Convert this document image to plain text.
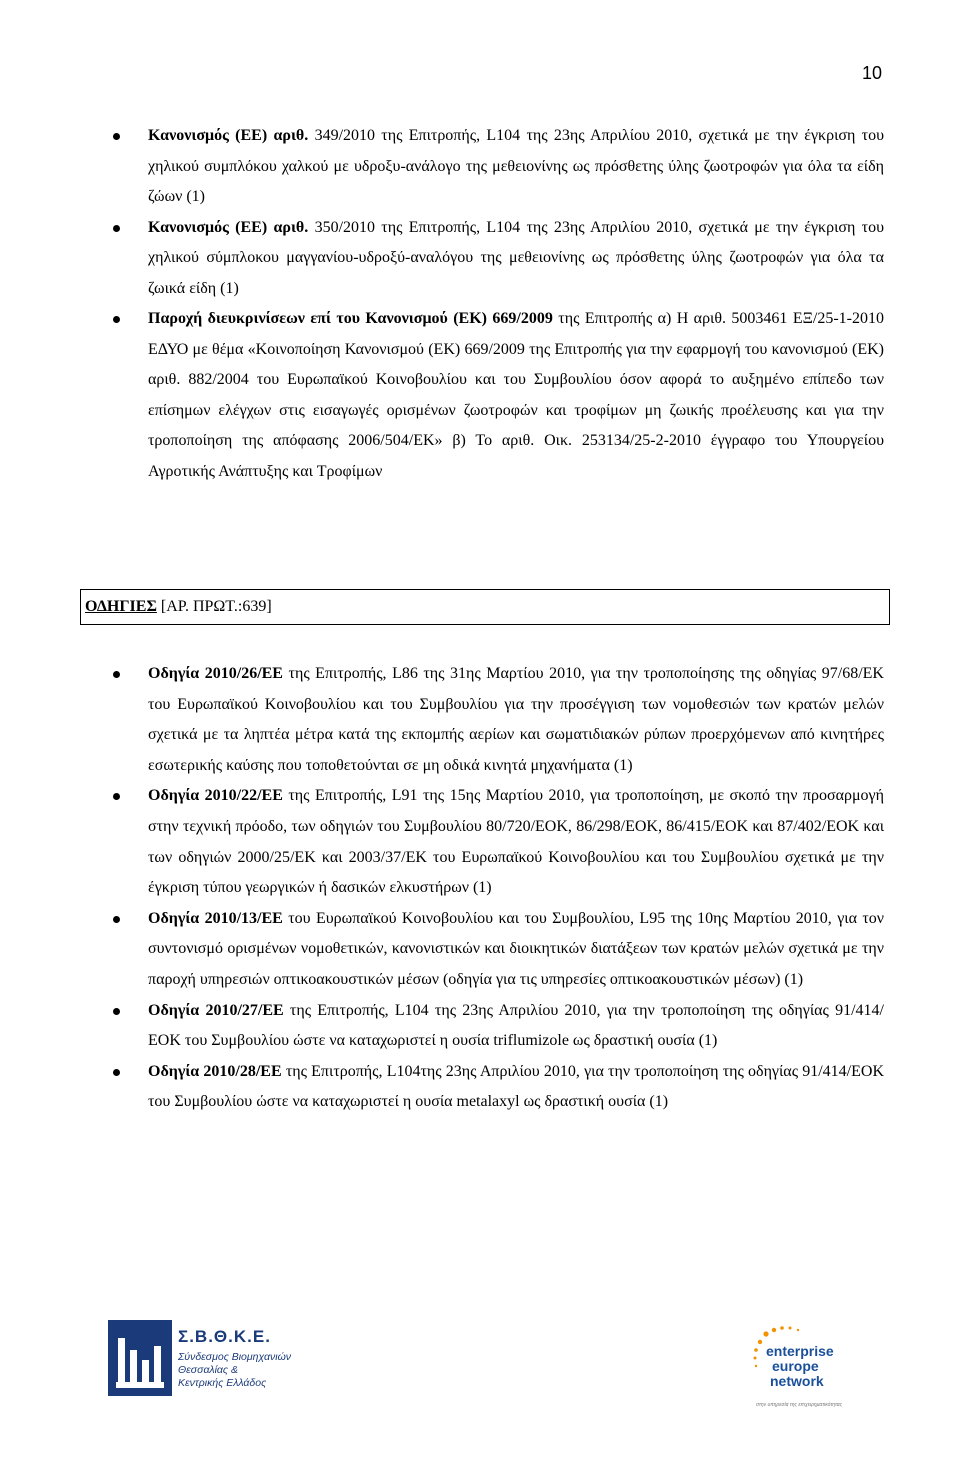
10
Κανονισμός (ΕΕ) αριθ. 349/2010 της Επιτροπής, L104 της 23ης Απριλίου 2010, σχετικά με την έγκριση του χηλικού συμπλόκου χαλκού με υδροξυ-ανάλογο της μεθειονίνης ως πρόσθετης ύλης ζωοτροφών για όλα τα είδη ζώων (1)
Κανονισμός (ΕΕ) αριθ. 350/2010 της Επιτροπής, L104 της 23ης Απριλίου 2010, σχετικά με την έγκριση του χηλικού σύμπλοκου μαγγανίου-υδροξύ-αναλόγου της μεθειονίνης ως πρόσθετης ύλης ζωοτροφών για όλα τα ζωικά είδη (1)
Παροχή διευκρινίσεων επί του Κανονισμού (ΕΚ) 669/2009 της Επιτροπής α) Η αριθ. 5003461 ΕΞ/25-1-2010 ΕΔΥΟ με θέμα «Κοινοποίηση Κανονισμού (ΕΚ) 669/2009 της Επιτροπής για την εφαρμογή του κανονισμού (ΕΚ) αριθ. 882/2004 του Ευρωπαϊκού Κοινοβουλίου και του Συμβουλίου όσον αφορά το αυξημένο επίπεδο των επίσημων ελέγχων στις εισαγωγές ορισμένων ζωοτροφών και τροφίμων μη ζωικής προέλευσης και για την τροποποίηση της απόφασης 2006/504/ΕΚ» β) Το αριθ. Οικ. 253134/25-2-2010 έγγραφο του Υπουργείου Αγροτικής Ανάπτυξης και Τροφίμων
ΟΔΗΓΙΕΣ [ΑΡ. ΠΡΩΤ.:639]
Οδηγία 2010/26/ΕΕ της Επιτροπής, L86 της 31ης Μαρτίου 2010, για την τροποποίησης της οδηγίας 97/68/ΕΚ του Ευρωπαϊκού Κοινοβουλίου και του Συμβουλίου για την προσέγγιση των νομοθεσιών των κρατών μελών σχετικά με τα ληπτέα μέτρα κατά της εκπομπής αερίων και σωματιδιακών ρύπων προερχόμενων από κινητήρες εσωτερικής καύσης που τοποθετούνται σε μη οδικά κινητά μηχανήματα (1)
Οδηγία 2010/22/ΕΕ της Επιτροπής, L91 της 15ης Μαρτίου 2010, για τροποποίηση, με σκοπό την προσαρμογή στην τεχνική πρόοδο, των οδηγιών του Συμβουλίου 80/720/ΕΟΚ, 86/298/ΕΟΚ, 86/415/ΕΟΚ και 87/402/ΕΟΚ και των οδηγιών 2000/25/ΕΚ και 2003/37/ΕΚ του Ευρωπαϊκού Κοινοβουλίου και του Συμβουλίου σχετικά με την έγκριση τύπου γεωργικών ή δασικών ελκυστήρων (1)
Οδηγία 2010/13/ΕΕ του Ευρωπαϊκού Κοινοβουλίου και του Συμβουλίου, L95 της 10ης Μαρτίου 2010, για τον συντονισμό ορισμένων νομοθετικών, κανονιστικών και διοικητικών διατάξεων των κρατών μελών σχετικά με την παροχή υπηρεσιών οπτικοακουστικών μέσων (οδηγία για τις υπηρεσίες οπτικοακουστικών μέσων) (1)
Οδηγία 2010/27/ΕΕ της Επιτροπής, L104 της 23ης Απριλίου 2010, για την τροποποίηση της οδηγίας 91/414/ΕΟΚ του Συμβουλίου ώστε να καταχωριστεί η ουσία triflumizole ως δραστική ουσία (1)
Οδηγία 2010/28/ΕΕ της Επιτροπής, L104της 23ης Απριλίου 2010, για την τροποποίηση της οδηγίας 91/414/ΕΟΚ του Συμβουλίου ώστε να καταχωριστεί η ουσία metalaxyl ως δραστική ουσία (1)
Σ.Β.Θ.Κ.Ε.
Σύνδεσμος Βιομηχανιών
Θεσσαλίας &
Κεντρικής Ελλάδος
enterprise
europe
network
στην υπηρεσία της επιχειρηματικότητας
